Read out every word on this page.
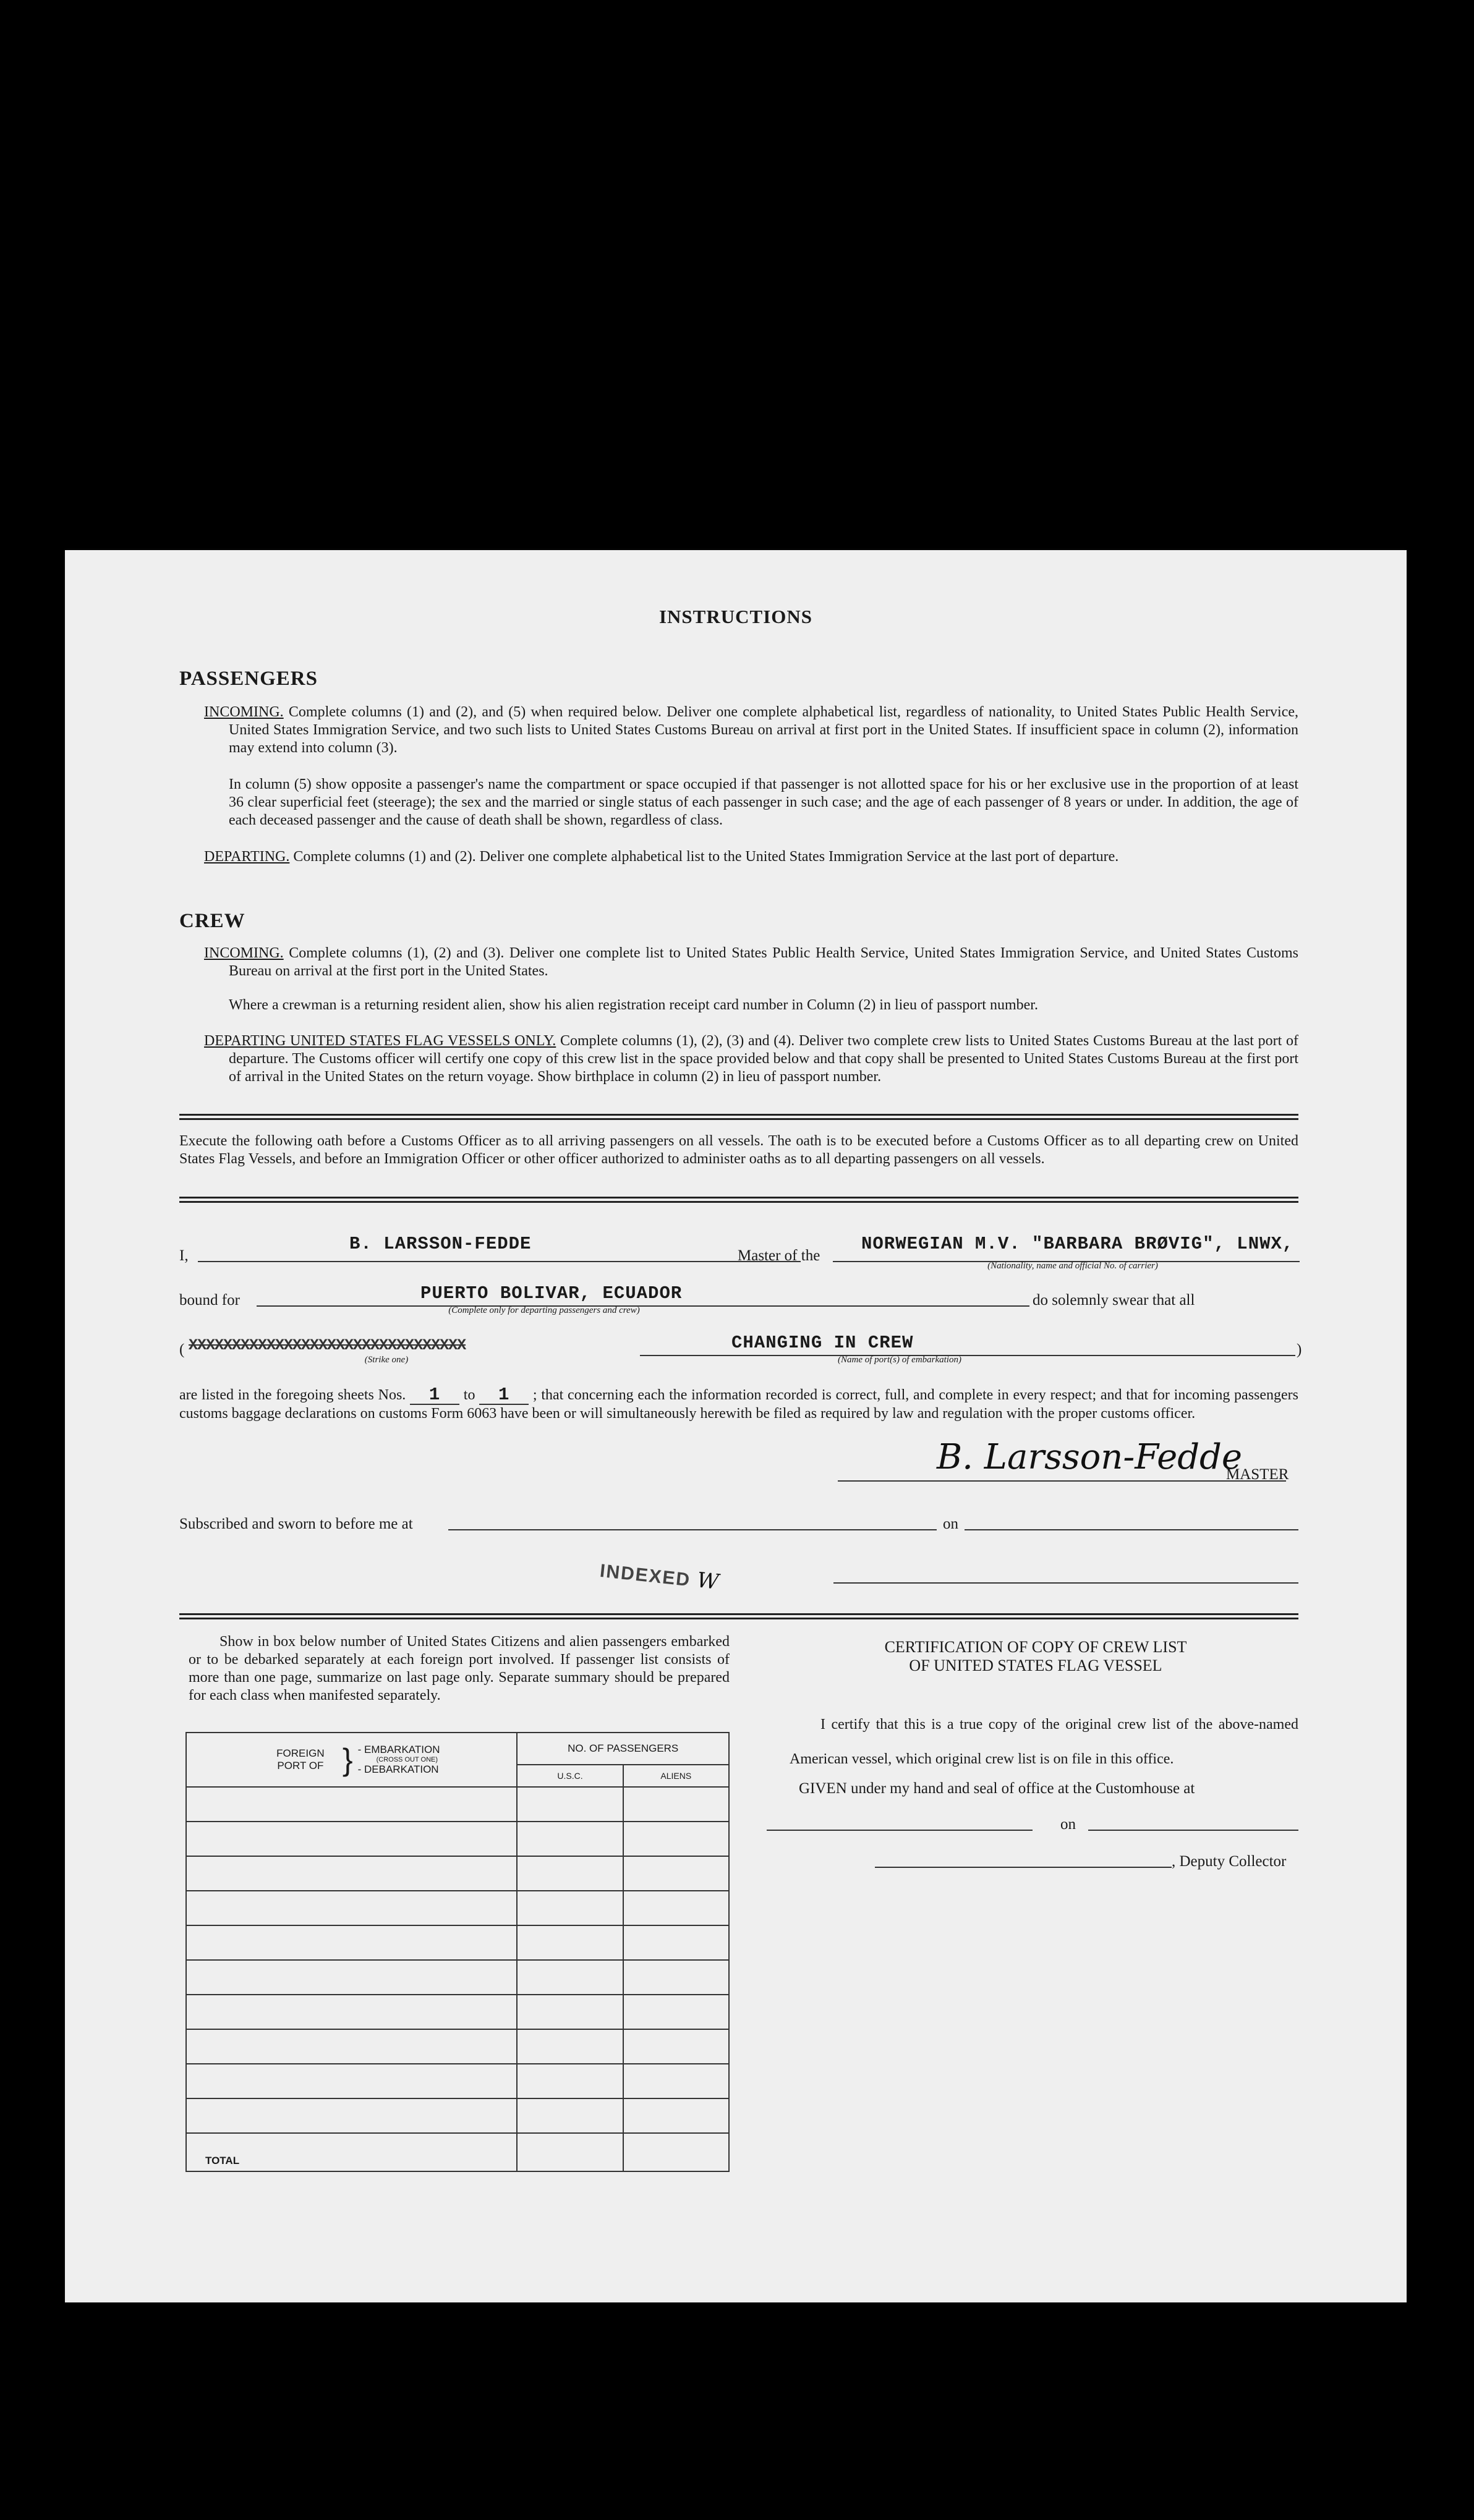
INSTRUCTIONS
PASSENGERS
INCOMING. Complete columns (1) and (2), and (5) when required below. Deliver one complete alphabetical list, regardless of nationality, to United States Public Health Service, United States Immigration Service, and two such lists to United States Customs Bureau on arrival at first port in the United States. If insufficient space in column (2), information may extend into column (3).
In column (5) show opposite a passenger's name the compartment or space occupied if that passenger is not allotted space for his or her exclusive use in the proportion of at least 36 clear superficial feet (steerage); the sex and the married or single status of each passenger in such case; and the age of each passenger of 8 years or under. In addition, the age of each deceased passenger and the cause of death shall be shown, regardless of class.
DEPARTING. Complete columns (1) and (2). Deliver one complete alphabetical list to the United States Immigration Service at the last port of departure.
CREW
INCOMING. Complete columns (1), (2) and (3). Deliver one complete list to United States Public Health Service, United States Immigration Service, and United States Customs Bureau on arrival at the first port in the United States.
Where a crewman is a returning resident alien, show his alien registration receipt card number in Column (2) in lieu of passport number.
DEPARTING UNITED STATES FLAG VESSELS ONLY. Complete columns (1), (2), (3) and (4). Deliver two complete crew lists to United States Customs Bureau at the last port of departure. The Customs officer will certify one copy of this crew list in the space provided below and that copy shall be presented to United States Customs Bureau at the first port of arrival in the United States on the return voyage. Show birthplace in column (2) in lieu of passport number.
Execute the following oath before a Customs Officer as to all arriving passengers on all vessels. The oath is to be executed before a Customs Officer as to all departing crew on United States Flag Vessels, and before an Immigration Officer or other officer authorized to administer oaths as to all departing passengers on all vessels.
I,
B. LARSSON-FEDDE
Master of the
NORWEGIAN M.V. "BARBARA BRØVIG", LNWX,
(Nationality, name and official No. of carrier)
bound for	PUERTO BOLIVAR, ECUADOR
(Complete only for departing passengers and crew)
do solemnly swear that all
( XXXXXXXXXXXXXXXXXXXXXXXXXXXXXXXX
(Strike one)
CHANGING IN CREW
(Name of port(s) of embarkation)
)
are listed in the foregoing sheets Nos. 1 to 1 ; that concerning each the information recorded is correct, full, and complete in every respect; and that for incoming passengers customs baggage declarations on customs Form 6063 have been or will simultaneously herewith be filed as required by law and regulation with the proper customs officer.
B. Larsson-Fedde
MASTER
Subscribed and sworn to before me at	on
INDEXED W
Show in box below number of United States Citizens and alien passengers embarked or to be debarked separately at each foreign port involved. If passenger list consists of more than one page, summarize on last page only. Separate summary should be prepared for each class when manifested separately.
FOREIGN PORT OF } - EMBARKATION
(CROSS OUT ONE)
- DEBARKATION	NO. OF PASSENGERS	
	U.S.C.	ALIENS

TOTAL		
CERTIFICATION OF COPY OF CREW LIST
OF UNITED STATES FLAG VESSEL
I certify that this is a true copy of the original crew list of the above-named American vessel, which original crew list is on file in this office.
GIVEN under my hand and seal of office at the Customhouse at
on
, Deputy Collector
